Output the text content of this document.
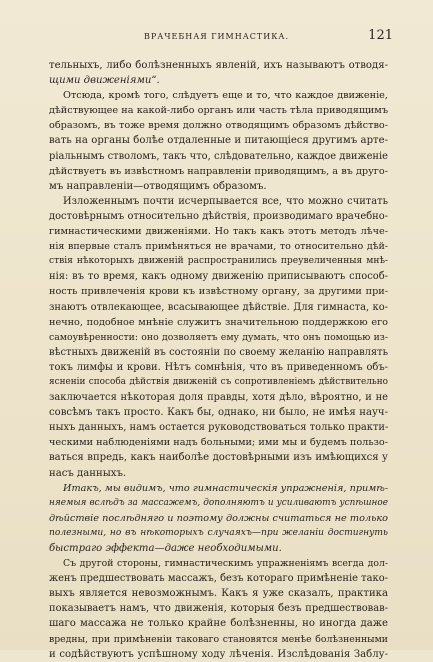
ВРАЧЕБНАЯ ГИМНАСТИКА.	121
тельныхъ, либо болѣзненныхъ явленій, ихъ называютъ отводя-
щими движеніями“.
Отсюда, кромѣ того, слѣдуетъ еще и то, что каждое движеніе,
дѣйствующее на какой-либо органъ или часть тѣла приводящимъ
образомъ, въ тоже время должно отводящимъ образомъ дѣйство-
вать на органы болѣе отдаленные и питающіеся другимъ арте-
ріальнымъ стволомъ, такъ что, слѣдовательно, каждое движеніе
дѣйствуетъ въ извѣстномъ направленіи приводящимъ, а въ друго-
мъ направленіи—отводящимъ образомъ.
Изложеннымъ почти исчерпывается все, что можно считать
достовѣрнымъ относительно дѣйствія, производимаго врачебно-
гимнастическими движеніями. Но такъ какъ этотъ методъ лѣче-
нія впервые сталъ примѣняться не врачами, то относительно дѣй-
ствія нѣкоторыхъ движеній распространились преувеличенныя мнѣ-
нія: въ то время, какъ одному движенію приписываютъ способ-
ность привлеченія крови къ извѣстному органу, за другими при-
знаютъ отвлекающее, всасывающее дѣйствіе. Для гимнаста, ко-
нечно, подобное мнѣніе служитъ значительною поддержкою его
самоувѣренности: оно дозволяетъ ему думать, что онъ помощью из-
вѣстныхъ движеній въ состояніи по своему желанію направлять
токъ лимфы и крови. Нѣтъ сомнѣнія, что въ приведенномъ объ-
ясненіи способа дѣйствія движеній съ сопротивленіемъ дѣйствительно
заключается нѣкоторая доля правды, хотя дѣло, вѣроятно, и не
совсѣмъ такъ просто. Какъ бы, однако, ни было, не имѣя науч-
ныхъ данныхъ, намъ остается руководствоваться только практи-
ческими наблюденіями надъ больными; ими мы и будемъ пользо-
ваться впредь, какъ наиболѣе достовѣрными изъ имѣющихся у
насъ данныхъ.
Итакъ, мы видимъ, что гимнастическія упражненія, примѣ-
няемыя вслѣдъ за массажемъ, дополняютъ и усиливаютъ успѣшное
дѣйствіе послѣдняго и поэтому должны считаться не только
полезными, но въ нѣкоторыхъ случаяхъ—при желаніи достигнуть
быстраго эффекта—даже необходимыми.
Съ другой стороны, гимнастическимъ упражненіямъ всегда дол-
женъ предшествовать массажъ, безъ котораго примѣненіе тако-
выхъ является невозможнымъ. Какъ я уже сказалъ, практика
показываетъ намъ, что движенія, которыя безъ предшествовав-
шаго массажа не только крайне болѣзненны, но иногда даже
вредны, при примѣненіи таковаго становятся менѣе болѣзненными
и содѣйствуютъ успѣшному ходу лѣченія. Изслѣдованія Заблу-
